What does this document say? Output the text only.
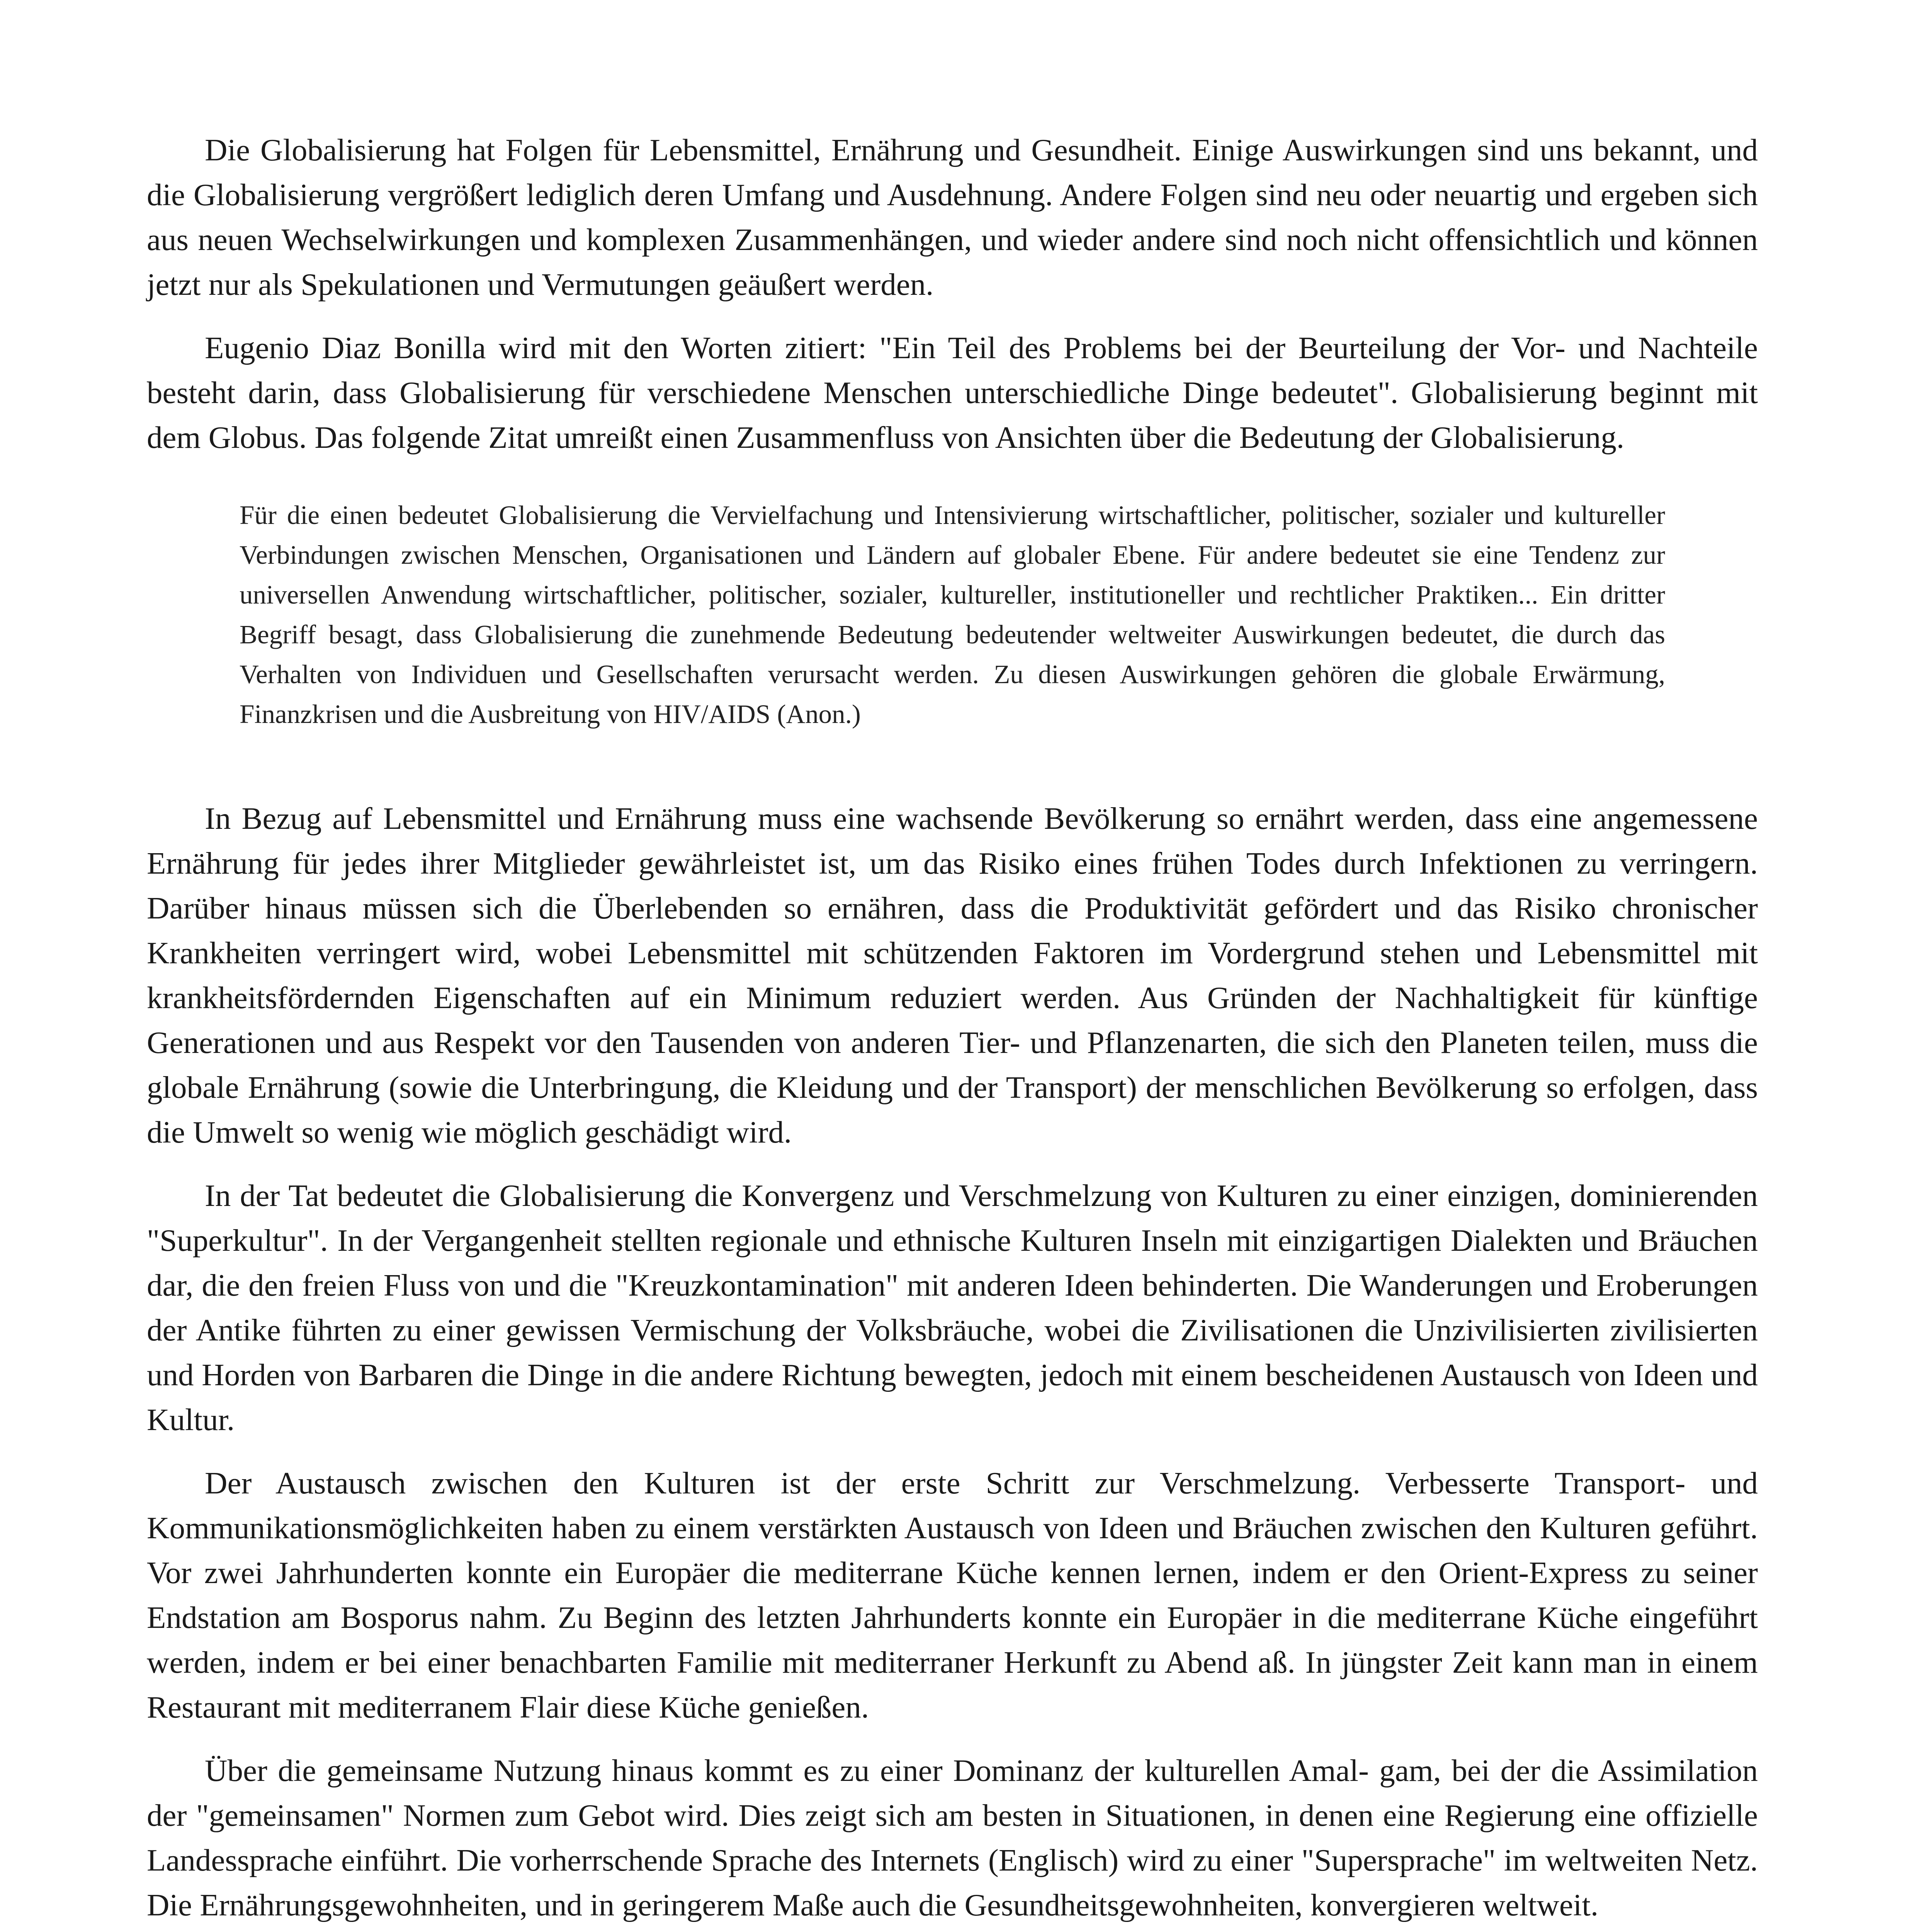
Die Globalisierung hat Folgen für Lebensmittel, Ernährung und Gesundheit. Einige Auswirkungen sind uns bekannt, und die Globalisierung vergrößert lediglich deren Umfang und Ausdehnung. Andere Folgen sind neu oder neuartig und ergeben sich aus neuen Wechselwirkungen und komplexen Zusammenhängen, und wieder andere sind noch nicht offensichtlich und können jetzt nur als Spekulationen und Vermutungen geäußert werden.

Eugenio Diaz Bonilla wird mit den Worten zitiert: "Ein Teil des Problems bei der Beurteilung der Vor- und Nachteile besteht darin, dass Globalisierung für verschiedene Menschen unterschiedliche Dinge bedeutet". Globalisierung beginnt mit dem Globus. Das folgende Zitat umreißt einen Zusammenfluss von Ansichten über die Bedeutung der Globalisierung.

Für die einen bedeutet Globalisierung die Vervielfachung und Intensivierung wirtschaftlicher, politischer, sozialer und kultureller Verbindungen zwischen Menschen, Organisationen und Ländern auf globaler Ebene. Für andere bedeutet sie eine Tendenz zur universellen Anwendung wirtschaftlicher, politischer, sozialer, kultureller, institutioneller und rechtlicher Praktiken... Ein dritter Begriff besagt, dass Globalisierung die zunehmende Bedeutung bedeutender weltweiter Auswirkungen bedeutet, die durch das Verhalten von Individuen und Gesellschaften verursacht werden. Zu diesen Auswirkungen gehören die globale Erwärmung, Finanzkrisen und die Ausbreitung von HIV/AIDS (Anon.)

In Bezug auf Lebensmittel und Ernährung muss eine wachsende Bevölkerung so ernährt werden, dass eine angemessene Ernährung für jedes ihrer Mitglieder gewährleistet ist, um das Risiko eines frühen Todes durch Infektionen zu verringern. Darüber hinaus müssen sich die Überlebenden so ernähren, dass die Produktivität gefördert und das Risiko chronischer Krankheiten verringert wird, wobei Lebensmittel mit schützenden Faktoren im Vordergrund stehen und Lebensmittel mit krankheitsfördernden Eigenschaften auf ein Minimum reduziert werden. Aus Gründen der Nachhaltigkeit für künftige Generationen und aus Respekt vor den Tausenden von anderen Tier- und Pflanzenarten, die sich den Planeten teilen, muss die globale Ernährung (sowie die Unterbringung, die Kleidung und der Transport) der menschlichen Bevölkerung so erfolgen, dass die Umwelt so wenig wie möglich geschädigt wird.

In der Tat bedeutet die Globalisierung die Konvergenz und Verschmelzung von Kulturen zu einer einzigen, dominierenden "Superkultur". In der Vergangenheit stellten regionale und ethnische Kulturen Inseln mit einzigartigen Dialekten und Bräuchen dar, die den freien Fluss von und die "Kreuzkontamination" mit anderen Ideen behinderten. Die Wanderungen und Eroberungen der Antike führten zu einer gewissen Vermischung der Volksbräuche, wobei die Zivilisationen die Unzivilisierten zivilisierten und Horden von Barbaren die Dinge in die andere Richtung bewegten, jedoch mit einem bescheidenen Austausch von Ideen und Kultur.

Der Austausch zwischen den Kulturen ist der erste Schritt zur Verschmelzung. Verbesserte Transport- und Kommunikationsmöglichkeiten haben zu einem verstärkten Austausch von Ideen und Bräuchen zwischen den Kulturen geführt. Vor zwei Jahrhunderten konnte ein Europäer die mediterrane Küche kennen lernen, indem er den Orient-Express zu seiner Endstation am Bosporus nahm. Zu Beginn des letzten Jahrhunderts konnte ein Europäer in die mediterrane Küche eingeführt werden, indem er bei einer benachbarten Familie mit mediterraner Herkunft zu Abend aß. In jüngster Zeit kann man in einem Restaurant mit mediterranem Flair diese Küche genießen.

Über die gemeinsame Nutzung hinaus kommt es zu einer Dominanz der kulturellen Amal- gam, bei der die Assimilation der "gemeinsamen" Normen zum Gebot wird. Dies zeigt sich am besten in Situationen, in denen eine Regierung eine offizielle Landessprache einführt. Die vorherrschende Sprache des Internets (Englisch) wird zu einer "Supersprache" im weltweiten Netz. Die Ernährungsgewohnheiten, und in geringerem Maße auch die Gesundheitsgewohnheiten, konvergieren weltweit.
